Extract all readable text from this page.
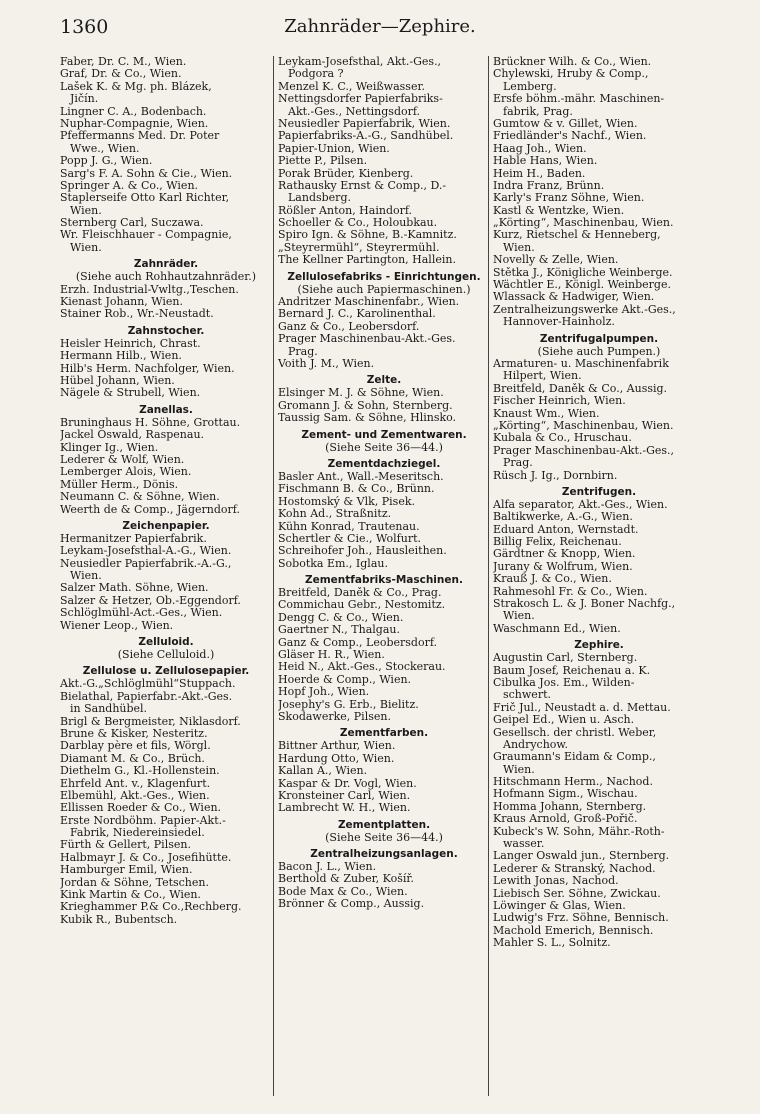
1360	Zahnräder—Zephire.
Faber, Dr. C. M., Wien.
Graf, Dr. & Co., Wien.
Lašek K. & Mg. ph. Blázek,
Jičín.
Lingner C. A., Bodenbach.
Nuphar-Compagnie, Wien.
Pfeffermanns Med. Dr. Poter
Wwe., Wien.
Popp J. G., Wien.
Sarg's F. A. Sohn & Cie., Wien.
Springer A. & Co., Wien.
Staplerseife Otto Karl Richter,
Wien.
Sternberg Carl, Suczawa.
Wr. Fleischhauer - Compagnie,
Wien.
Zahnräder.
(Siehe auch Rohhautzahnräder.)
Erzh. Industrial-Vwltg.,Teschen.
Kienast Johann, Wien.
Stainer Rob., Wr.-Neustadt.
Zahnstocher.
Heisler Heinrich, Chrast.
Hermann Hilb., Wien.
Hilb's Herm. Nachfolger, Wien.
Hübel Johann, Wien.
Nägele & Strubell, Wien.
Zanellas.
Bruninghaus H. Söhne, Grottau.
Jackel Oswald, Raspenau.
Klinger Ig., Wien.
Lederer & Wolf, Wien.
Lemberger Alois, Wien.
Müller Herm., Dönis.
Neumann C. & Söhne, Wien.
Weerth de & Comp., Jägerndorf.
Zeichenpapier.
Hermanitzer Papierfabrik.
Leykam-Josefsthal-A.-G., Wien.
Neusiedler Papierfabrik.-A.-G.,
Wien.
Salzer Math. Söhne, Wien.
Salzer & Hetzer, Ob.-Eggendorf.
Schlöglmühl-Act.-Ges., Wien.
Wiener Leop., Wien.
Zelluloid.
(Siehe Celluloid.)
Zellulose u. Zellulosepapier.
Akt.-G.„Schlöglmühl“Stuppach.
Bielathal, Papierfabr.-Akt.-Ges.
in Sandhübel.
Brigl & Bergmeister, Niklasdorf.
Brune & Kisker, Nesteritz.
Darblay père et fils, Wörgl.
Diamant M. & Co., Brüch.
Diethelm G., Kl.-Hollenstein.
Ehrfeld Ant. v., Klagenfurt.
Elbemühl, Akt.-Ges., Wien.
Ellissen Roeder & Co., Wien.
Erste Nordböhm. Papier-Akt.-
Fabrik, Niedereinsiedel.
Fürth & Gellert, Pilsen.
Halbmayr J. & Co., Josefihütte.
Hamburger Emil, Wien.
Jordan & Söhne, Tetschen.
Kink Martin & Co., Wien.
Krieghammer P.& Co.,Rechberg.
Kubik R., Bubentsch.
Leykam-Josefsthal, Akt.-Ges.,
Podgora ?
Menzel K. C., Weißwasser.
Nettingsdorfer Papierfabriks-
Akt.-Ges., Nettingsdorf.
Neusiedler Papierfabrik, Wien.
Papierfabriks-A.-G., Sandhübel.
Papier-Union, Wien.
Piette P., Pilsen.
Porak Brüder, Kienberg.
Rathausky Ernst & Comp., D.-
Landsberg.
Rößler Anton, Haindorf.
Schoeller & Co., Holoubkau.
Spiro Ign. & Söhne, B.-Kamnitz.
„Steyrermühl“, Steyrermühl.
The Kellner Partington, Hallein.
Zellulosefabriks - Einrichtungen.
(Siehe auch Papiermaschinen.)
Andritzer Maschinenfabr., Wien.
Bernard J. C., Karolinenthal.
Ganz & Co., Leobersdorf.
Prager Maschinenbau-Akt.-Ges.
Prag.
Voith J. M., Wien.
Zelte.
Elsinger M. J. & Söhne, Wien.
Gromann J. & Sohn, Sternberg.
Taussig Sam. & Söhne, Hlinsko.
Zement- und Zementwaren.
(Siehe Seite 36—44.)
Zementdachziegel.
Basler Ant., Wall.-Meseritsch.
Fischmann B. & Co., Brünn.
Hostomský & Vlk, Pisek.
Kohn Ad., Straßnitz.
Kühn Konrad, Trautenau.
Schertler & Cie., Wolfurt.
Schreihofer Joh., Hausleithen.
Sobotka Em., Iglau.
Zementfabriks-Maschinen.
Breitfeld, Daněk & Co., Prag.
Commichau Gebr., Nestomitz.
Dengg C. & Co., Wien.
Gaertner N., Thalgau.
Ganz & Comp., Leobersdorf.
Gläser H. R., Wien.
Heid N., Akt.-Ges., Stockerau.
Hoerde & Comp., Wien.
Hopf Joh., Wien.
Josephy's G. Erb., Bielitz.
Skodawerke, Pilsen.
Zementfarben.
Bittner Arthur, Wien.
Hardung Otto, Wien.
Kallan A., Wien.
Kaspar & Dr. Vogl, Wien.
Kronsteiner Carl, Wien.
Lambrecht W. H., Wien.
Zementplatten.
(Siehe Seite 36—44.)
Zentralheizungsanlagen.
Bacon J. L., Wien.
Berthold & Zuber, Košíř.
Bode Max & Co., Wien.
Brönner & Comp., Aussig.
Brückner Wilh. & Co., Wien.
Chylewski, Hruby & Comp.,
Lemberg.
Ersfe böhm.-mähr. Maschinen-
fabrik, Prag.
Gumtow & v. Gillet, Wien.
Friedländer's Nachf., Wien.
Haag Joh., Wien.
Hable Hans, Wien.
Heim H., Baden.
Indra Franz, Brünn.
Karly's Franz Söhne, Wien.
Kastl & Wentzke, Wien.
„Körting“, Maschinenbau, Wien.
Kurz, Rietschel & Henneberg,
Wien.
Novelly & Zelle, Wien.
Štětka J., Königliche Weinberge.
Wächtler E., Königl. Weinberge.
Wlassack & Hadwiger, Wien.
Zentralheizungswerke Akt.-Ges.,
Hannover-Hainholz.
Zentrifugalpumpen.
(Siehe auch Pumpen.)
Armaturen- u. Maschinenfabrik
Hilpert, Wien.
Breitfeld, Daněk & Co., Aussig.
Fischer Heinrich, Wien.
Knaust Wm., Wien.
„Körting“, Maschinenbau, Wien.
Kubala & Co., Hruschau.
Prager Maschinenbau-Akt.-Ges.,
Prag.
Rüsch J. Ig., Dornbirn.
Zentrifugen.
Alfa separator, Akt.-Ges., Wien.
Baltikwerke, A.-G., Wien.
Eduard Anton, Wernstadt.
Billig Felix, Reichenau.
Gärdtner & Knopp, Wien.
Jurany & Wolfrum, Wien.
Krauß J. & Co., Wien.
Rahmesohl Fr. & Co., Wien.
Strakosch L. & J. Boner Nachfg.,
Wien.
Waschmann Ed., Wien.
Zephire.
Augustin Carl, Sternberg.
Baum Josef, Reichenau a. K.
Cibulka Jos. Em., Wilden-
schwert.
Frič Jul., Neustadt a. d. Mettau.
Geipel Ed., Wien u. Asch.
Gesellsch. der christl. Weber,
Andrychow.
Graumann's Eidam & Comp.,
Wien.
Hitschmann Herm., Nachod.
Hofmann Sigm., Wischau.
Homma Johann, Sternberg.
Kraus Arnold, Groß-Pořič.
Kubeck's W. Sohn, Mähr.-Roth-
wasser.
Langer Oswald jun., Sternberg.
Lederer & Stranský, Nachod.
Lewith Jonas, Nachod.
Liebisch Ser. Söhne, Zwickau.
Löwinger & Glas, Wien.
Ludwig's Frz. Söhne, Bennisch.
Machold Emerich, Bennisch.
Mahler S. L., Solnitz.
